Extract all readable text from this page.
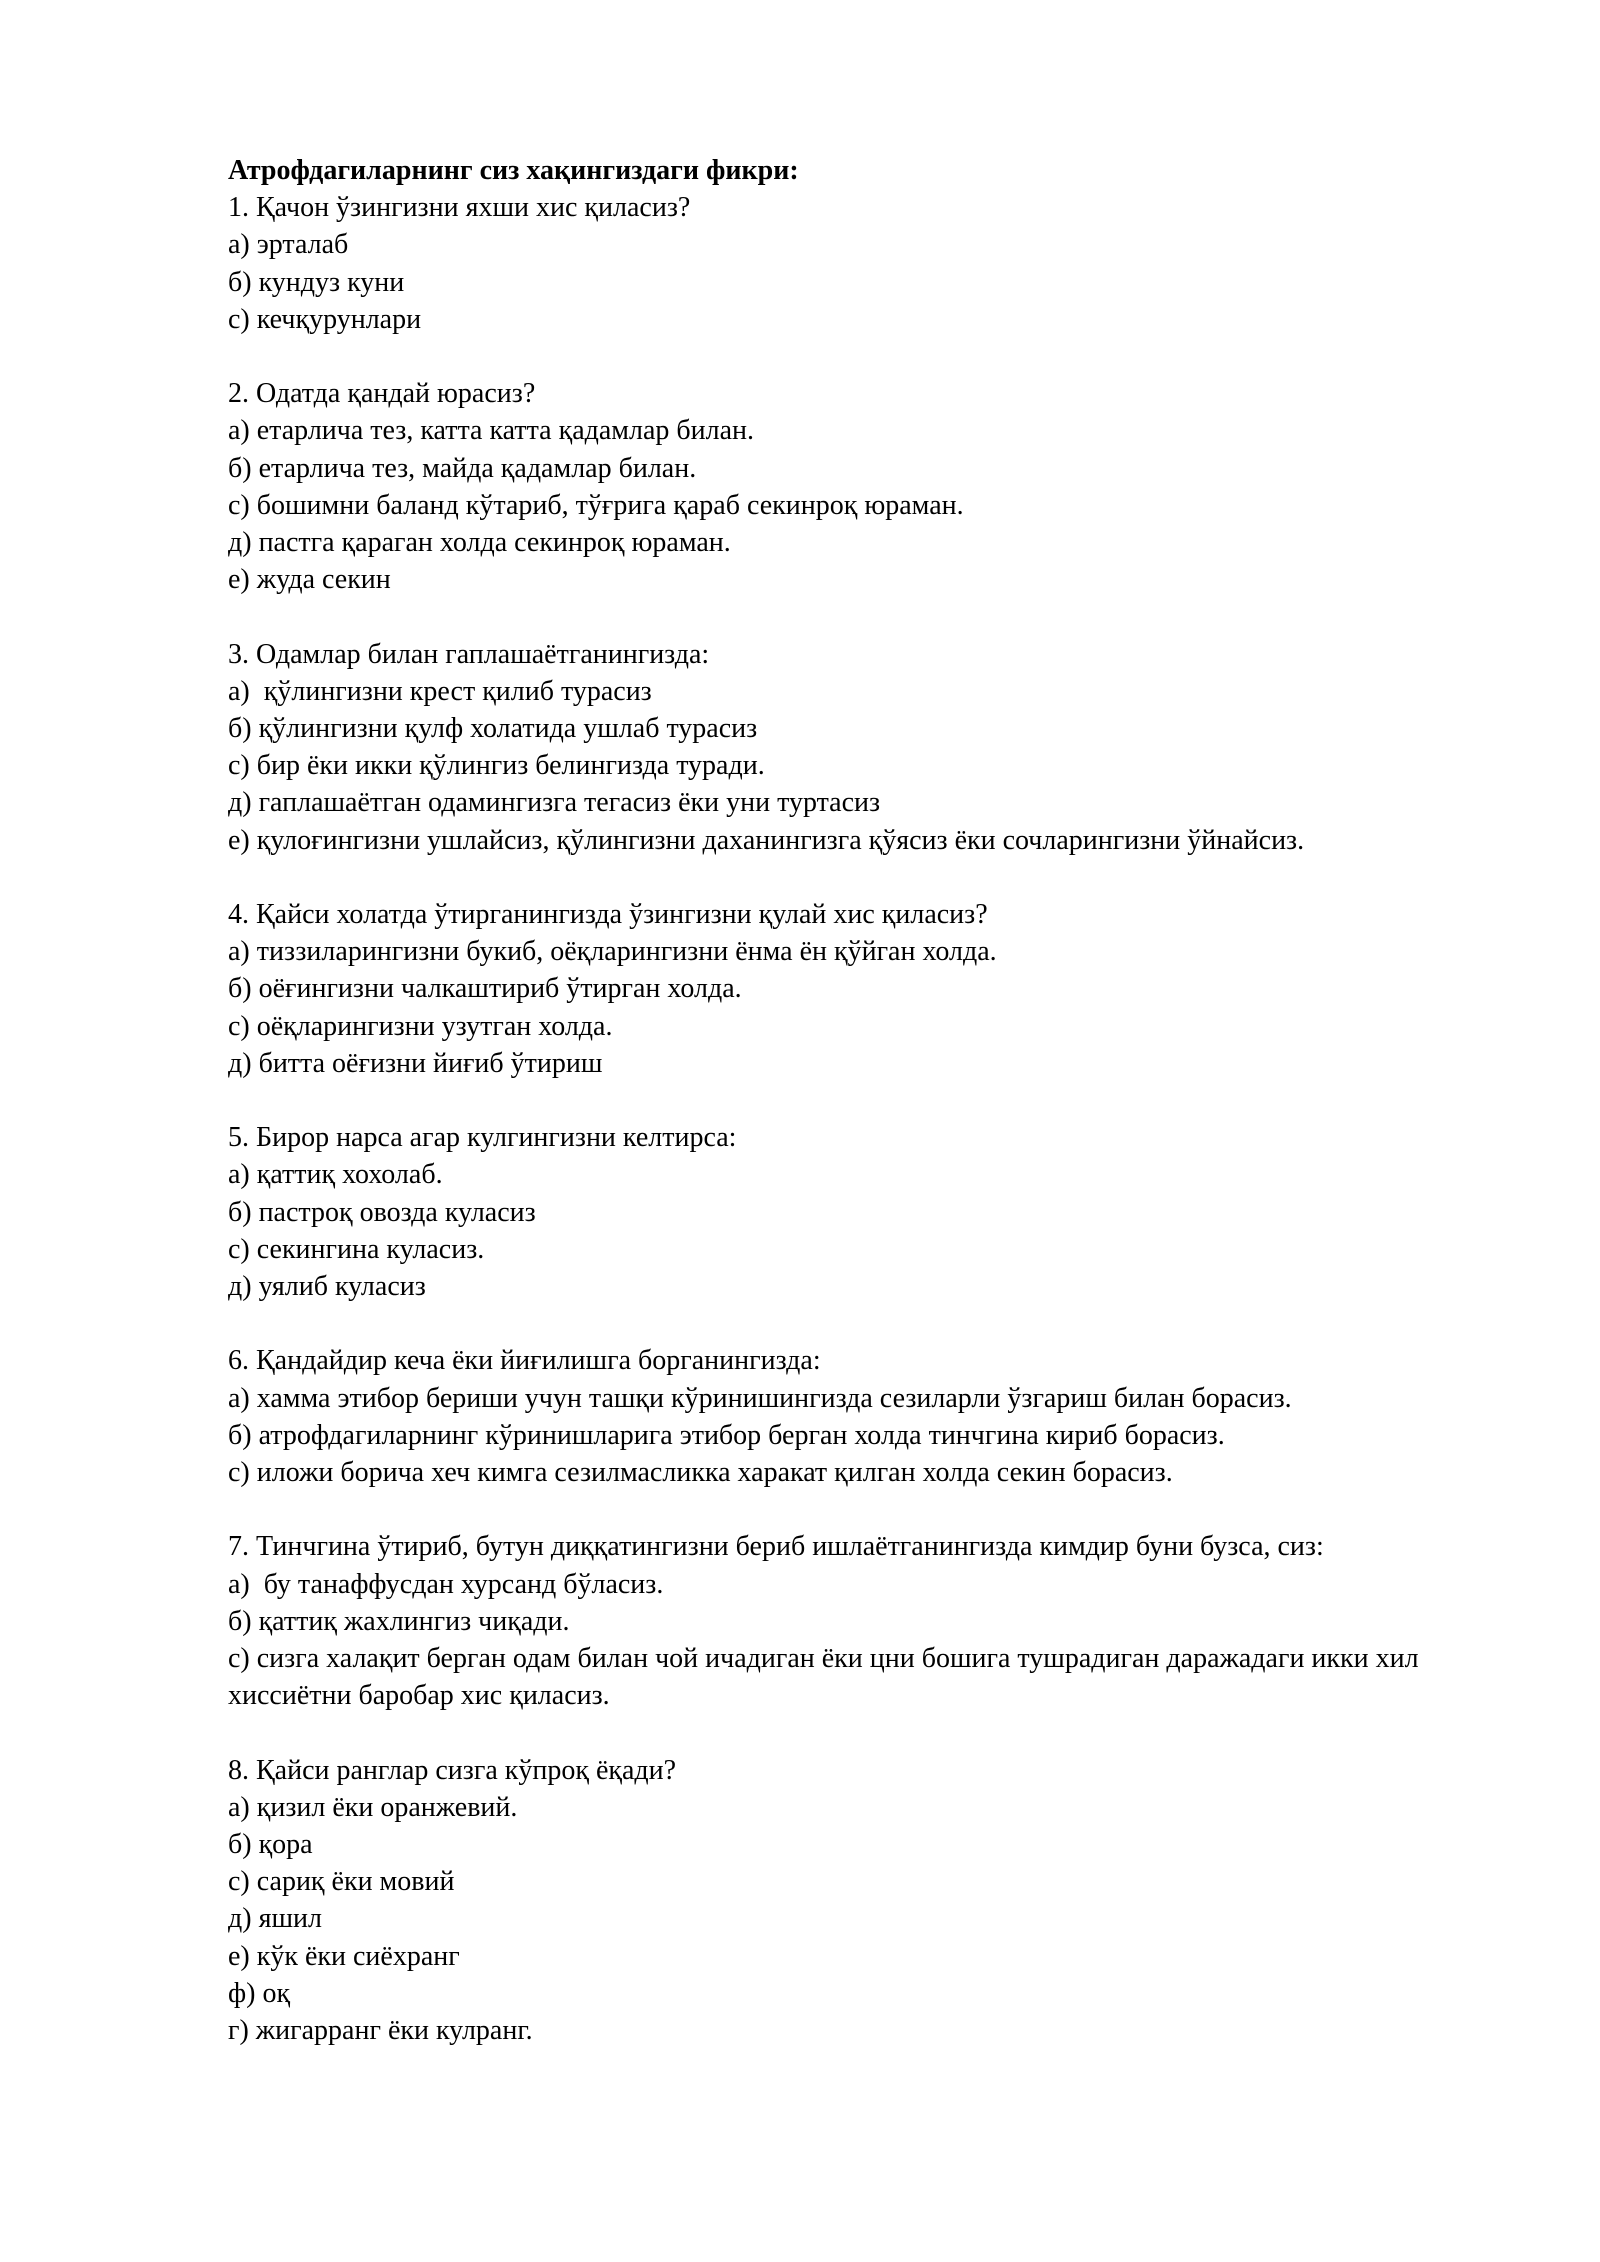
Атрофдагиларнинг сиз хақингиздаги фикри:

1. Қачон ўзингизни яхши хис қиласиз?

а) эрталаб

б) кундуз куни

с) кечқурунлари

2. Одатда қандай юрасиз?

а) етарлича тез, катта катта қадамлар билан.

б) етарлича тез, майда қадамлар билан.

с) бошимни баланд кўтариб, тўғрига қараб секинроқ юраман.

д) пастга қараган холда секинроқ юраман.

е) жуда секин

3. Одамлар билан гаплашаётганингизда:

а)  қўлингизни крест қилиб турасиз

б) қўлингизни қулф холатида ушлаб турасиз

с) бир ёки икки қўлингиз белингизда туради.

д) гаплашаётган одамингизга тегасиз ёки уни туртасиз

е) қулоғингизни ушлайсиз, қўлингизни даханингизга қўясиз ёки сочларингизни ўйнайсиз.

4. Қайси холатда ўтирганингизда ўзингизни қулай хис қиласиз?

а) тиззиларингизни букиб, оёқларингизни ёнма ён қўйган холда.

б) оёғингизни чалкаштириб ўтирган холда.

с) оёқларингизни узутган холда.

д) битта оёғизни йиғиб ўтириш

5. Бирор нарса агар кулгингизни келтирса:

а) қаттиқ хохолаб.

б) пастроқ овозда куласиз

с) секингина куласиз.

д) уялиб куласиз

6. Қандайдир кеча ёки йиғилишга борганингизда:

а) хамма этибор бериши учун ташқи кўринишингизда сезиларли ўзгариш билан борасиз.

б) атрофдагиларнинг кўринишларига этибор берган холда тинчгина кириб борасиз.

с) иложи борича хеч кимга сезилмасликка харакат қилган холда секин борасиз.

7. Тинчгина ўтириб, бутун диққатингизни бериб ишлаётганингизда кимдир буни бузса, сиз:

а)  бу танаффусдан хурсанд бўласиз.

б) қаттиқ жахлингиз чиқади.

с) сизга халақит берган одам билан чой ичадиган ёки цни бошига тушрадиган даражадаги икки хил хиссиётни баробар хис қиласиз.

8. Қайси ранглар сизга кўпроқ ёқади?

а) қизил ёки оранжевий.

б) қора

с) сариқ ёки мовий

д) яшил

е) кўк ёки сиёхранг

ф) оқ

г) жигарранг ёки кулранг.
